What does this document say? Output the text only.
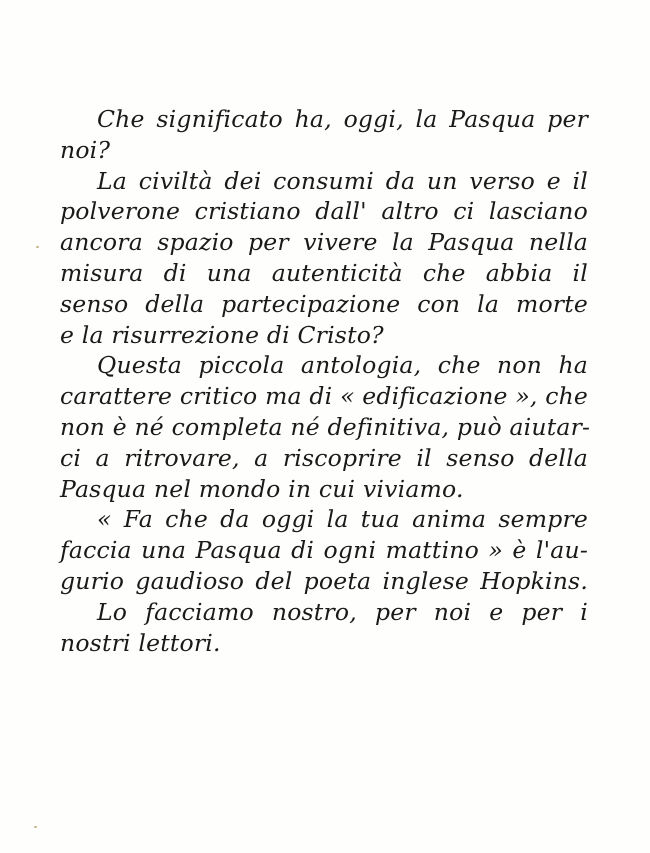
Che significato ha, oggi, la Pasqua per
noi?
La civiltà dei consumi da un verso e il
polverone cristiano dall' altro ci lasciano
ancora spazio per vivere la Pasqua nella
misura di una autenticità che abbia il
senso della partecipazione con la morte
e la risurrezione di Cristo?
Questa piccola antologia, che non ha
carattere critico ma di « edificazione », che
non è né completa né definitiva, può aiutar-
ci a ritrovare, a riscoprire il senso della
Pasqua nel mondo in cui viviamo.
« Fa che da oggi la tua anima sempre
faccia una Pasqua di ogni mattino » è l'au-
gurio gaudioso del poeta inglese Hopkins.
Lo facciamo nostro, per noi e per i
nostri lettori.
